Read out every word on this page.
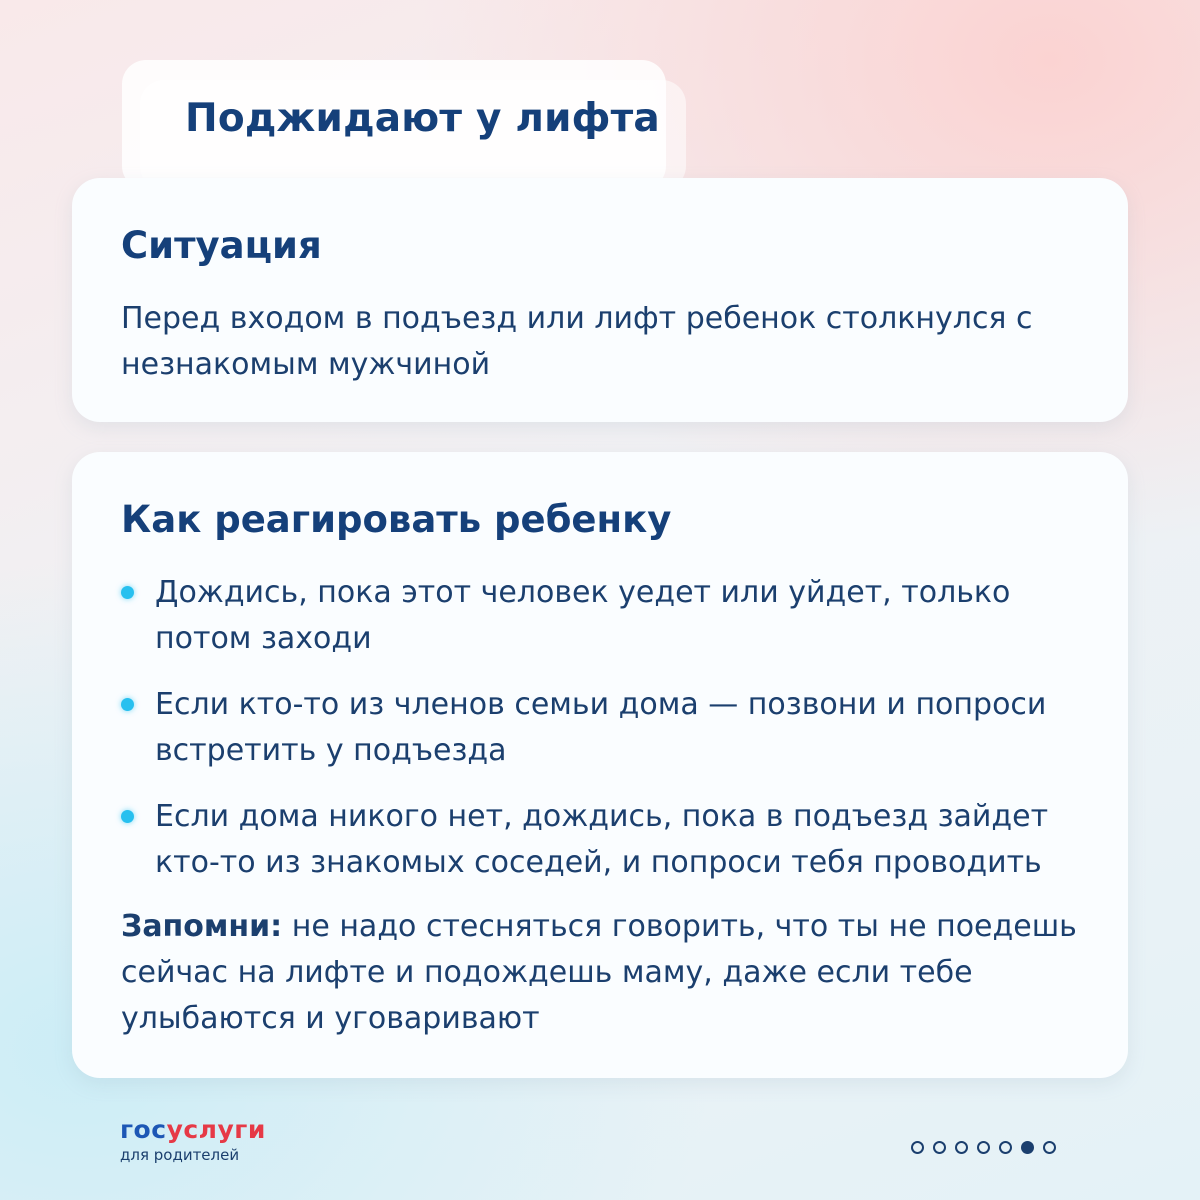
Поджидают у лифта
Ситуация

Перед входом в подъезд или лифт ребенок столкнулся с незнакомым мужчиной

Как реагировать ребенку
Дождись, пока этот человек уедет или уйдет, только потом заходи
Если кто-то из членов семьи дома — позвони и попроси встретить у подъезда
Если дома никого нет, дождись, пока в подъезд зайдет кто-то из знакомых соседей, и попроси тебя проводить

Запомни: не надо стесняться говорить, что ты не поедешь сейчас на лифте и подождешь маму, даже если тебе улыбаются и уговаривают

госуслуги
для родителей
